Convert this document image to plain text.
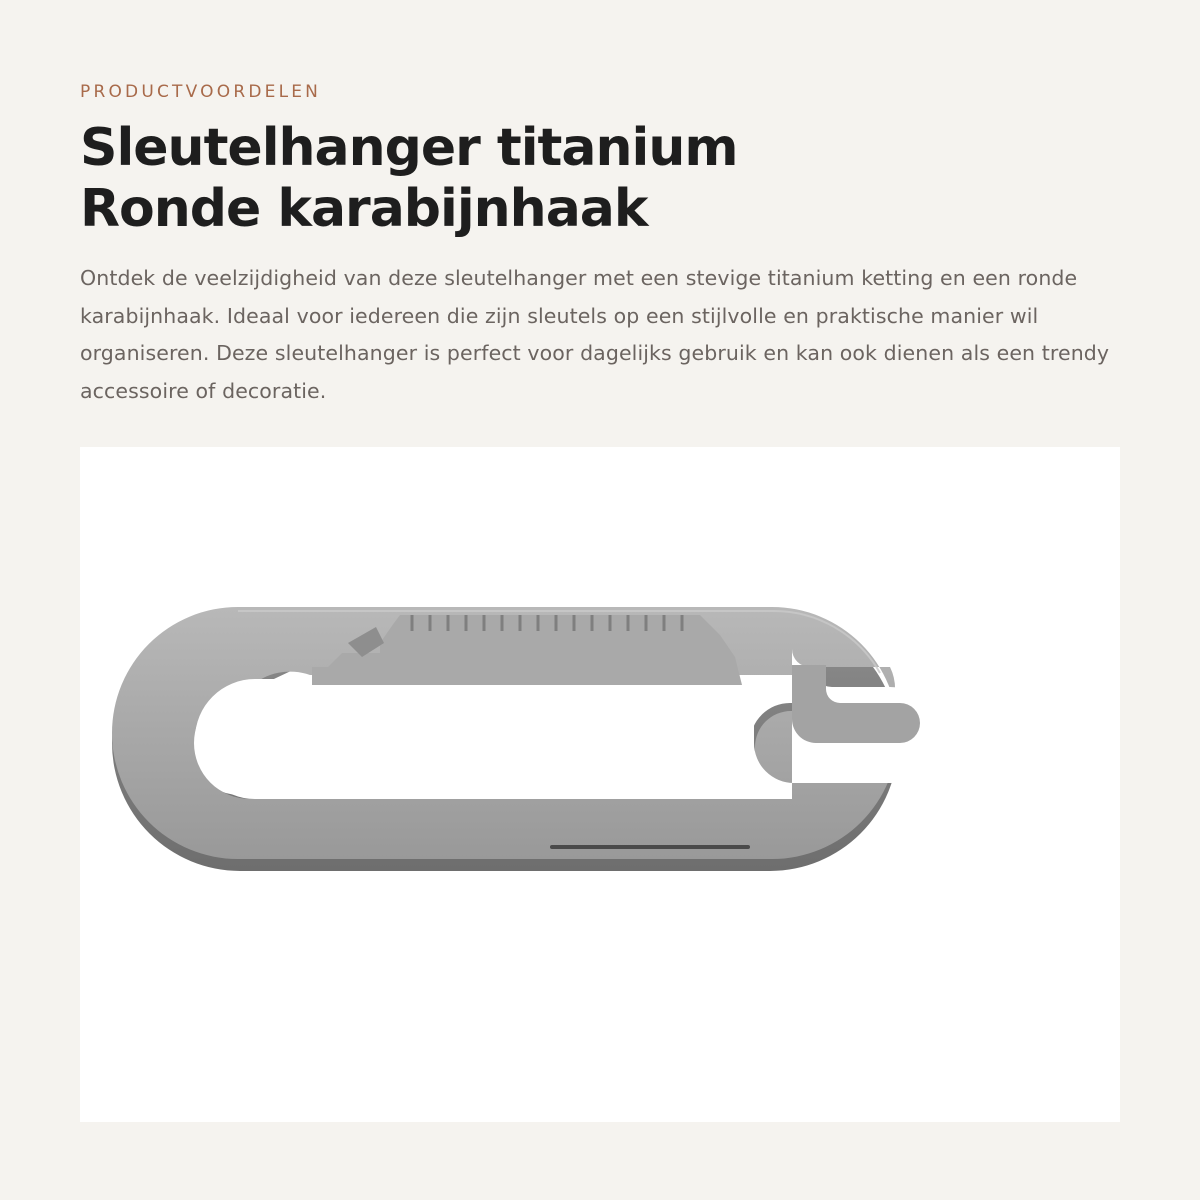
PRODUCTVOORDELEN
Sleutelhanger titanium
Ronde karabijnhaak

Ontdek de veelzijdigheid van deze sleutelhanger met een stevige titanium ketting en een ronde karabijnhaak. Ideaal voor iedereen die zijn sleutels op een stijlvolle en praktische manier wil organiseren. Deze sleutelhanger is perfect voor dagelijks gebruik en kan ook dienen als een trendy accessoire of decoratie.
